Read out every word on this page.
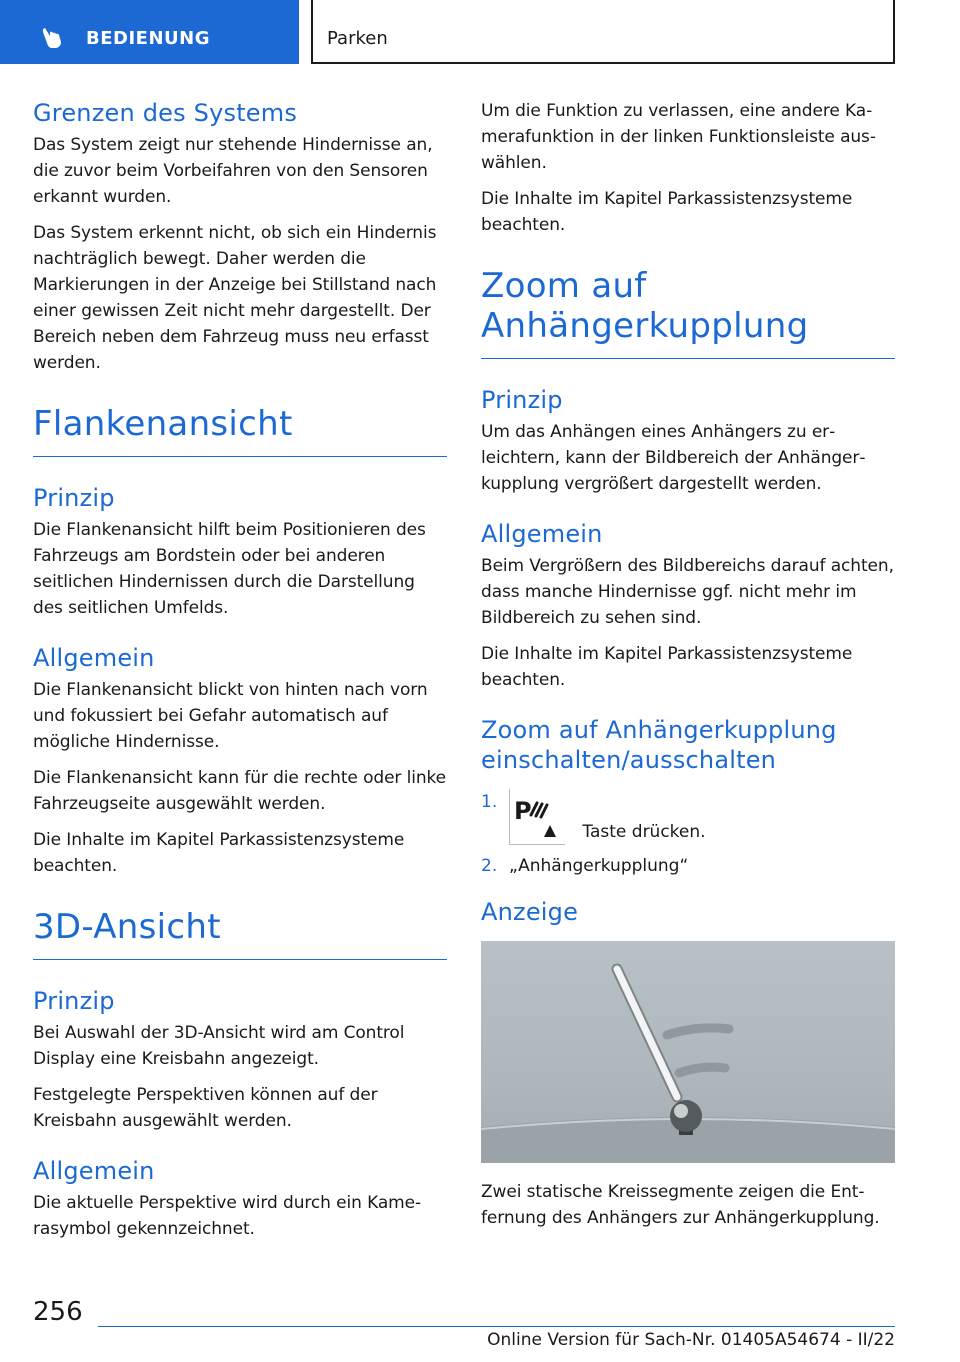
BEDIENUNG	Parken
Grenzen des Systems

Das System zeigt nur stehende Hindernisse an, die zuvor beim Vorbeifahren von den Sensoren erkannt wurden.

Das System erkennt nicht, ob sich ein Hindernis nachträglich bewegt. Daher werden die Markierungen in der Anzeige bei Stillstand nach einer gewissen Zeit nicht mehr dargestellt. Der Bereich neben dem Fahrzeug muss neu erfasst werden.

Flankenansicht
Prinzip

Die Flankenansicht hilft beim Positionieren des Fahrzeugs am Bordstein oder bei anderen seitlichen Hindernissen durch die Darstellung des seitlichen Umfelds.

Allgemein

Die Flankenansicht blickt von hinten nach vorn und fokussiert bei Gefahr automatisch auf mögliche Hindernisse.

Die Flankenansicht kann für die rechte oder linke Fahrzeugseite ausgewählt werden.

Die Inhalte im Kapitel Parkassistenzsysteme beachten.

3D-Ansicht
Prinzip

Bei Auswahl der 3D-Ansicht wird am Control Display eine Kreisbahn angezeigt.

Festgelegte Perspektiven können auf der Kreisbahn ausgewählt werden.

Allgemein

Die aktuelle Perspektive wird durch ein Kamerasymbol gekennzeichnet.

Um die Funktion zu verlassen, eine andere Kamerafunktion in der linken Funktionsleiste auswählen.

Die Inhalte im Kapitel Parkassistenzsysteme beachten.

Zoom auf Anhängerkupplung
Prinzip

Um das Anhängen eines Anhängers zu erleichtern, kann der Bildbereich der Anhängerkupplung vergrößert dargestellt werden.

Allgemein

Beim Vergrößern des Bildbereichs darauf achten, dass manche Hindernisse ggf. nicht mehr im Bildbereich zu sehen sind.

Die Inhalte im Kapitel Parkassistenzsysteme beachten.

Zoom auf Anhängerkupplung einschalten/ausschalten
1. P
Taste drücken.
2. „Anhängerkupplung“
Anzeige

Zwei statische Kreissegmente zeigen die Entfernung des Anhängers zur Anhängerkupplung.

256
Online Version für Sach-Nr. 01405A54674 - II/22
